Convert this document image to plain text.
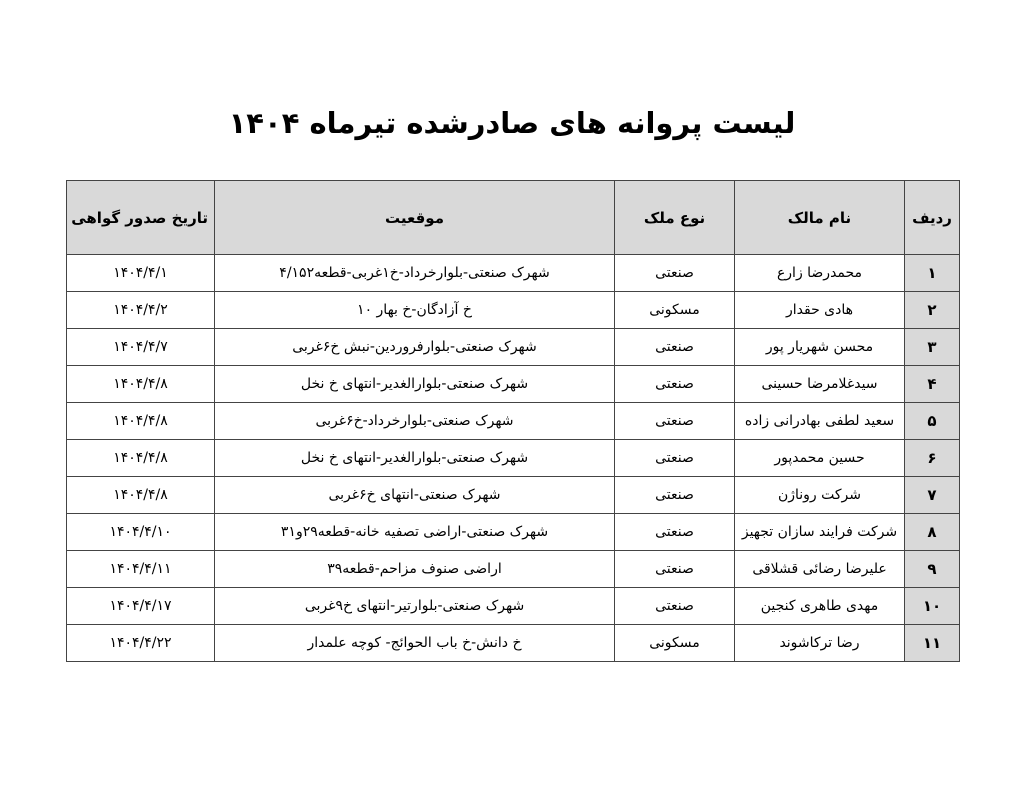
لیست پروانه های صادرشده تیرماه ۱۴۰۴
ردیف	نام مالک	نوع ملک	موقعیت	تاریخ صدور گواهی
۱	محمدرضا زارع	صنعتی	شهرک صنعتی-بلوارخرداد-خ۱غربی-قطعه۴/۱۵۲	۱۴۰۴/۴/۱
۲	هادی حقدار	مسکونی	خ آزادگان-خ بهار ۱۰	۱۴۰۴/۴/۲
۳	محسن شهریار پور	صنعتی	شهرک صنعتی-بلوارفروردین-نبش خ۶غربی	۱۴۰۴/۴/۷
۴	سیدغلامرضا حسینی	صنعتی	شهرک صنعتی-بلوارالغدیر-انتهای خ نخل	۱۴۰۴/۴/۸
۵	سعید لطفی بهادرانی زاده	صنعتی	شهرک صنعتی-بلوارخرداد-خ۶غربی	۱۴۰۴/۴/۸
۶	حسین محمدپور	صنعتی	شهرک صنعتی-بلوارالغدیر-انتهای خ نخل	۱۴۰۴/۴/۸
۷	شرکت روناژن	صنعتی	شهرک صنعتی-انتهای خ۶غربی	۱۴۰۴/۴/۸
۸	شرکت فرایند سازان تجهیز	صنعتی	شهرک صنعتی-اراضی تصفیه خانه-قطعه۲۹و۳۱	۱۴۰۴/۴/۱۰
۹	علیرضا رضائی قشلاقی	صنعتی	اراضی صنوف مزاحم-قطعه۳۹	۱۴۰۴/۴/۱۱
۱۰	مهدی طاهری کنجین	صنعتی	شهرک صنعتی-بلوارتیر-انتهای خ۹غربی	۱۴۰۴/۴/۱۷
۱۱	رضا ترکاشوند	مسکونی	خ دانش-خ باب الحوائج- کوچه علمدار	۱۴۰۴/۴/۲۲
